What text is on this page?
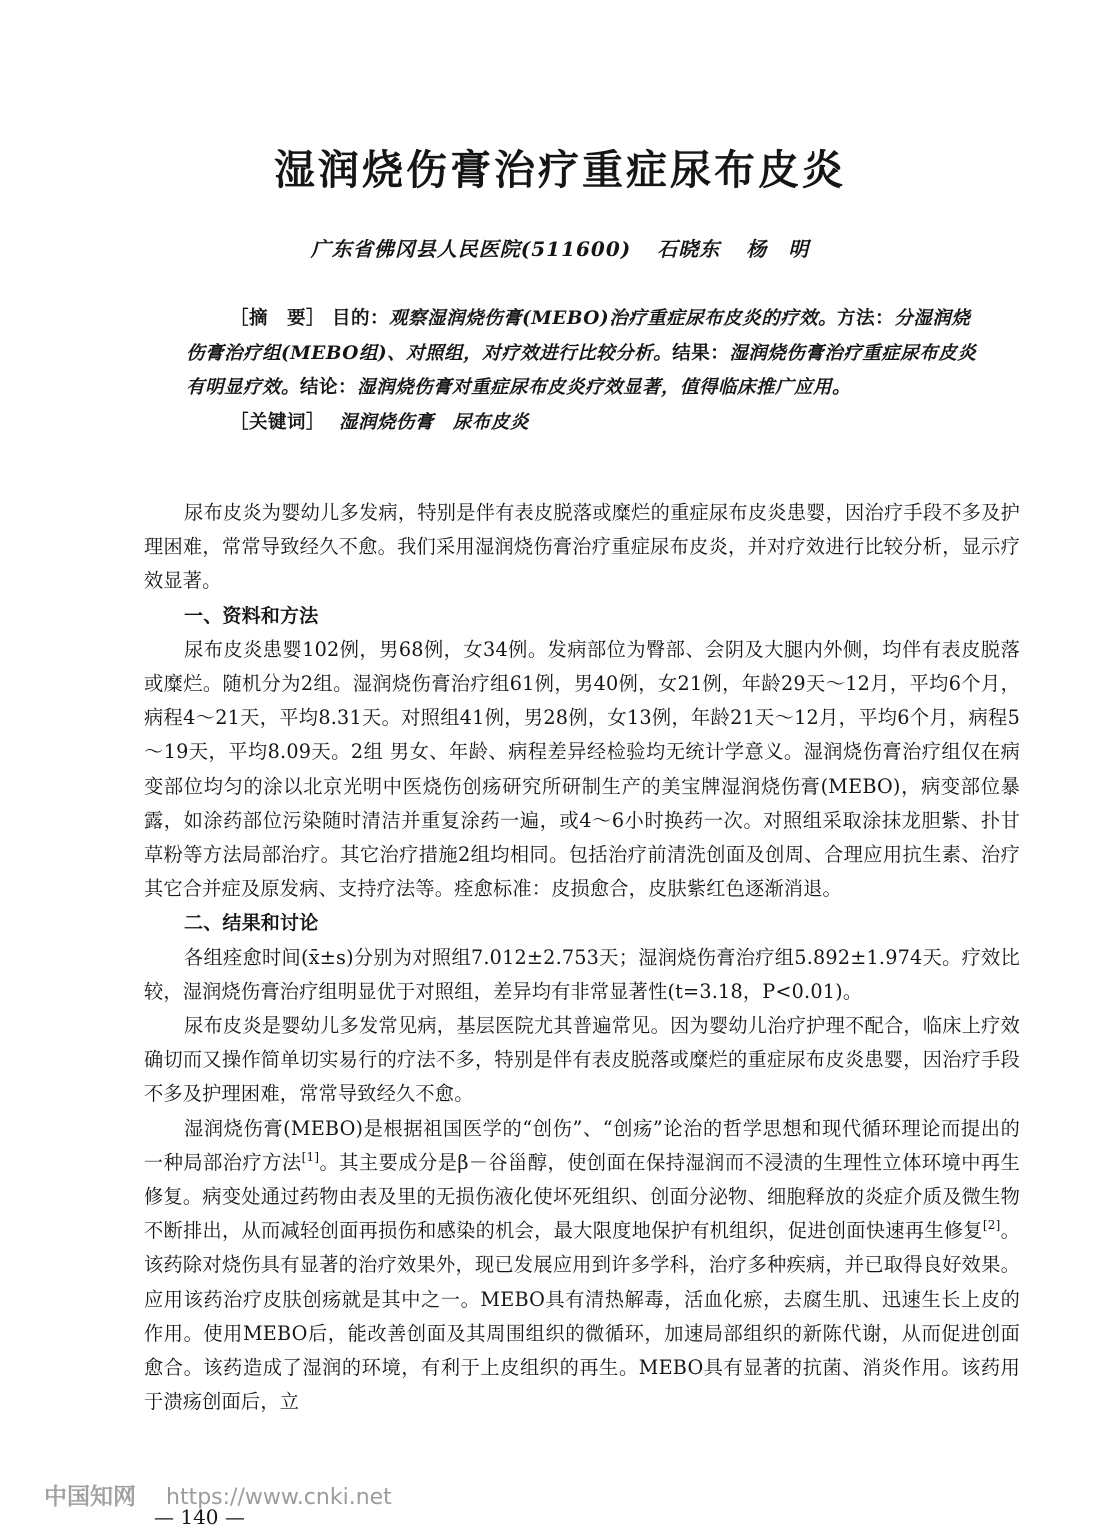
湿润烧伤膏治疗重症尿布皮炎
广东省佛冈县人民医院(511600) 石晓东 杨　明

［摘　要］ 目的：观察湿润烧伤膏(MEBO)治疗重症尿布皮炎的疗效。方法：分湿润烧伤膏治疗组(MEBO组)、对照组，对疗效进行比较分析。结果：湿润烧伤膏治疗重症尿布皮炎有明显疗效。结论：湿润烧伤膏对重症尿布皮炎疗效显著，值得临床推广应用。

［关键词］ 湿润烧伤膏　尿布皮炎

尿布皮炎为婴幼儿多发病，特别是伴有表皮脱落或糜烂的重症尿布皮炎患婴，因治疗手段不多及护理困难，常常导致经久不愈。我们采用湿润烧伤膏治疗重症尿布皮炎，并对疗效进行比较分析，显示疗效显著。

一、资料和方法

尿布皮炎患婴102例，男68例，女34例。发病部位为臀部、会阴及大腿内外侧，均伴有表皮脱落或糜烂。随机分为2组。湿润烧伤膏治疗组61例，男40例，女21例，年龄29天～12月，平均6个月，病程4～21天，平均8.31天。对照组41例，男28例，女13例，年龄21天～12月，平均6个月，病程5～19天，平均8.09天。2组 男女、年龄、病程差异经检验均无统计学意义。湿润烧伤膏治疗组仅在病变部位均匀的涂以北京光明中医烧伤创疡研究所研制生产的美宝牌湿润烧伤膏(MEBO)，病变部位暴露，如涂药部位污染随时清洁并重复涂药一遍，或4～6小时换药一次。对照组采取涂抹龙胆紫、扑甘草粉等方法局部治疗。其它治疗措施2组均相同。包括治疗前清洗创面及创周、合理应用抗生素、治疗其它合并症及原发病、支持疗法等。痊愈标准：皮损愈合，皮肤紫红色逐渐消退。

二、结果和讨论

各组痊愈时间(x̄±s)分别为对照组7.012±2.753天；湿润烧伤膏治疗组5.892±1.974天。疗效比较，湿润烧伤膏治疗组明显优于对照组，差异均有非常显著性(t=3.18，P<0.01)。

尿布皮炎是婴幼儿多发常见病，基层医院尤其普遍常见。因为婴幼儿治疗护理不配合，临床上疗效确切而又操作简单切实易行的疗法不多，特别是伴有表皮脱落或糜烂的重症尿布皮炎患婴，因治疗手段不多及护理困难，常常导致经久不愈。

湿润烧伤膏(MEBO)是根据祖国医学的“创伤”、“创疡”论治的哲学思想和现代循环理论而提出的一种局部治疗方法[1]。其主要成分是β－谷甾醇，使创面在保持湿润而不浸渍的生理性立体环境中再生修复。病变处通过药物由表及里的无损伤液化使坏死组织、创面分泌物、细胞释放的炎症介质及微生物不断排出，从而减轻创面再损伤和感染的机会，最大限度地保护有机组织，促进创面快速再生修复[2]。该药除对烧伤具有显著的治疗效果外，现已发展应用到许多学科，治疗多种疾病，并已取得良好效果。应用该药治疗皮肤创疡就是其中之一。MEBO具有清热解毒，活血化瘀，去腐生肌、迅速生长上皮的作用。使用MEBO后，能改善创面及其周围组织的微循环，加速局部组织的新陈代谢，从而促进创面愈合。该药造成了湿润的环境，有利于上皮组织的再生。MEBO具有显著的抗菌、消炎作用。该药用于溃疡创面后，立

— 140 —
中国知网 https://www.cnki.net
